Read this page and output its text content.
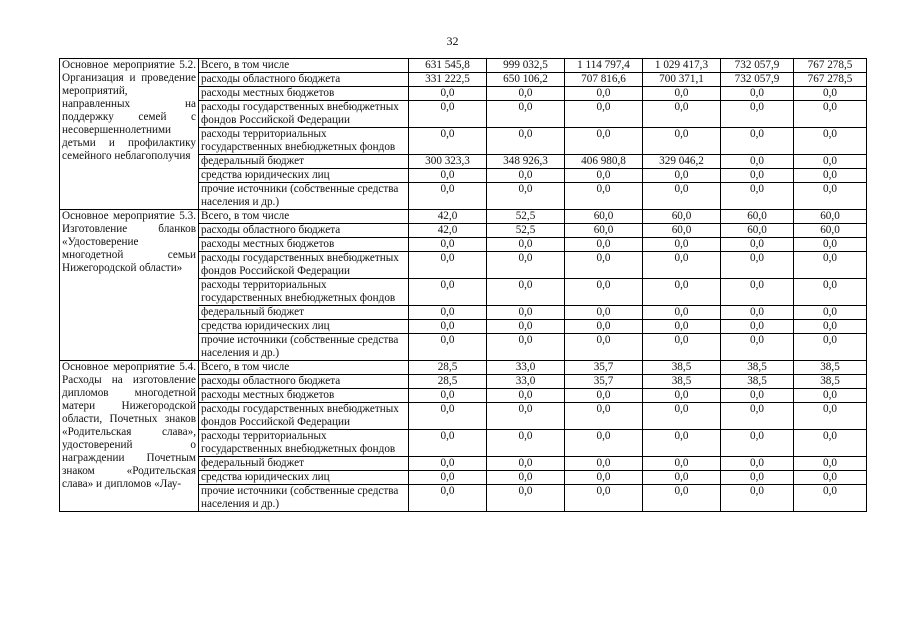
32
Основное мероприятие 5.2. Организация и проведение мероприятий, направленных на поддержку семей с несовершеннолетними детьми и профилактику семейного неблагополучия	Всего, в том числе	631 545,8	999 032,5	1 114 797,4	1 029 417,3	732 057,9	767 278,5
	расходы областного бюджета	331 222,5	650 106,2	707 816,6	700 371,1	732 057,9	767 278,5
	расходы местных бюджетов	0,0	0,0	0,0	0,0	0,0	0,0
	расходы государственных внебюджетных фондов Российской Федерации	0,0	0,0	0,0	0,0	0,0	0,0
	расходы территориальных государственных внебюджетных фондов	0,0	0,0	0,0	0,0	0,0	0,0
	федеральный бюджет	300 323,3	348 926,3	406 980,8	329 046,2	0,0	0,0
	средства юридических лиц	0,0	0,0	0,0	0,0	0,0	0,0
	прочие источники (собственные средства населения и др.)	0,0	0,0	0,0	0,0	0,0	0,0
Основное мероприятие 5.3. Изготовление бланков «Удостоверение многодетной семьи Нижегородской области»	Всего, в том числе	42,0	52,5	60,0	60,0	60,0	60,0
	расходы областного бюджета	42,0	52,5	60,0	60,0	60,0	60,0
	расходы местных бюджетов	0,0	0,0	0,0	0,0	0,0	0,0
	расходы государственных внебюджетных фондов Российской Федерации	0,0	0,0	0,0	0,0	0,0	0,0
	расходы территориальных государственных внебюджетных фондов	0,0	0,0	0,0	0,0	0,0	0,0
	федеральный бюджет	0,0	0,0	0,0	0,0	0,0	0,0
	средства юридических лиц	0,0	0,0	0,0	0,0	0,0	0,0
	прочие источники (собственные средства населения и др.)	0,0	0,0	0,0	0,0	0,0	0,0
Основное мероприятие 5.4. Расходы на изготовление дипломов многодетной матери Нижегородской области, Почетных знаков «Родительская слава», удостоверений о награждении Почетным знаком «Родительская слава» и дипломов «Лау-	Всего, в том числе	28,5	33,0	35,7	38,5	38,5	38,5
	расходы областного бюджета	28,5	33,0	35,7	38,5	38,5	38,5
	расходы местных бюджетов	0,0	0,0	0,0	0,0	0,0	0,0
	расходы государственных внебюджетных фондов Российской Федерации	0,0	0,0	0,0	0,0	0,0	0,0
	расходы территориальных государственных внебюджетных фондов	0,0	0,0	0,0	0,0	0,0	0,0
	федеральный бюджет	0,0	0,0	0,0	0,0	0,0	0,0
	средства юридических лиц	0,0	0,0	0,0	0,0	0,0	0,0
	прочие источники (собственные средства населения и др.)	0,0	0,0	0,0	0,0	0,0	0,0
